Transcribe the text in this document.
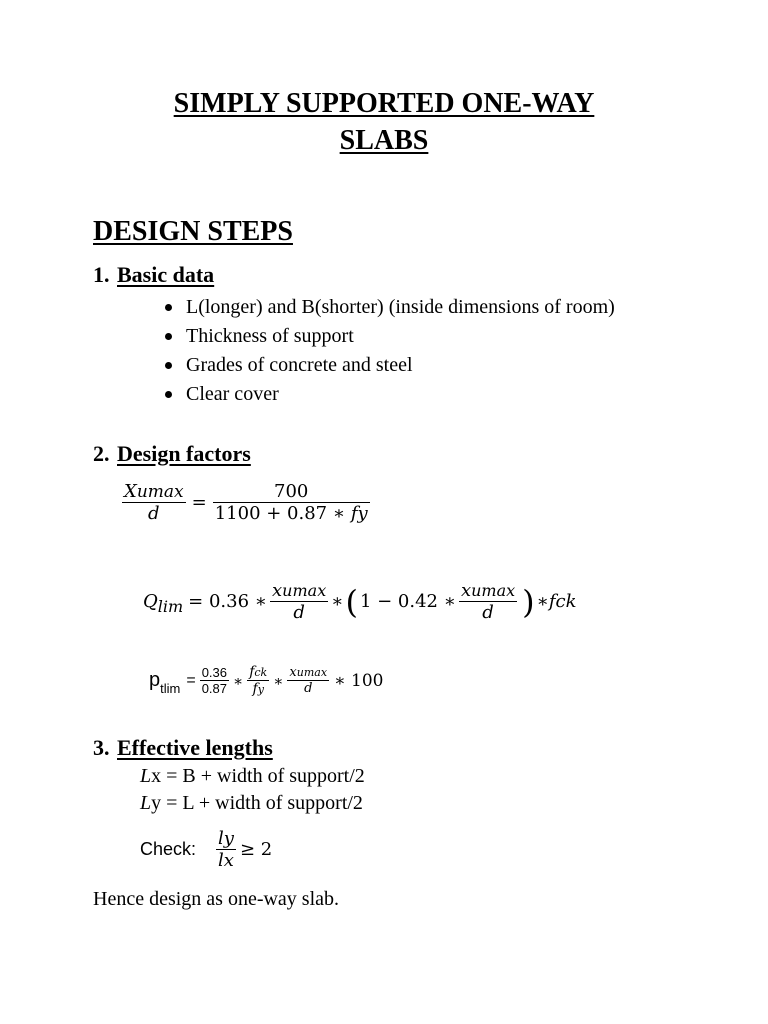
SIMPLY SUPPORTED ONE-WAY
SLABS
DESIGN STEPS
1. Basic data
L(longer) and B(shorter) (inside dimensions of room)
Thickness of support
Grades of concrete and steel
Clear cover
2. Design factors
$\frac{Xumax}{d} = \frac{700}{1100 + 0.87 ∗ fy}$
Q lim = 0.36 ∗ $\frac{xumax}{d}$ ∗ ( 1 − 0.42 ∗ $\frac{xumax}{d}$ ) ∗ fck
p $tlim = \frac{0.36}{0.87}$ ∗ $\frac{\text{fck}}{fy}$ ∗ $\frac{xumax}{d}$ ∗ 100
3. Effective lengths
Lx = B + width of support/2
Ly = L + width of support/2
Check: $\frac{ly}{lx} \ge 2$
Hence design as one-way slab.
